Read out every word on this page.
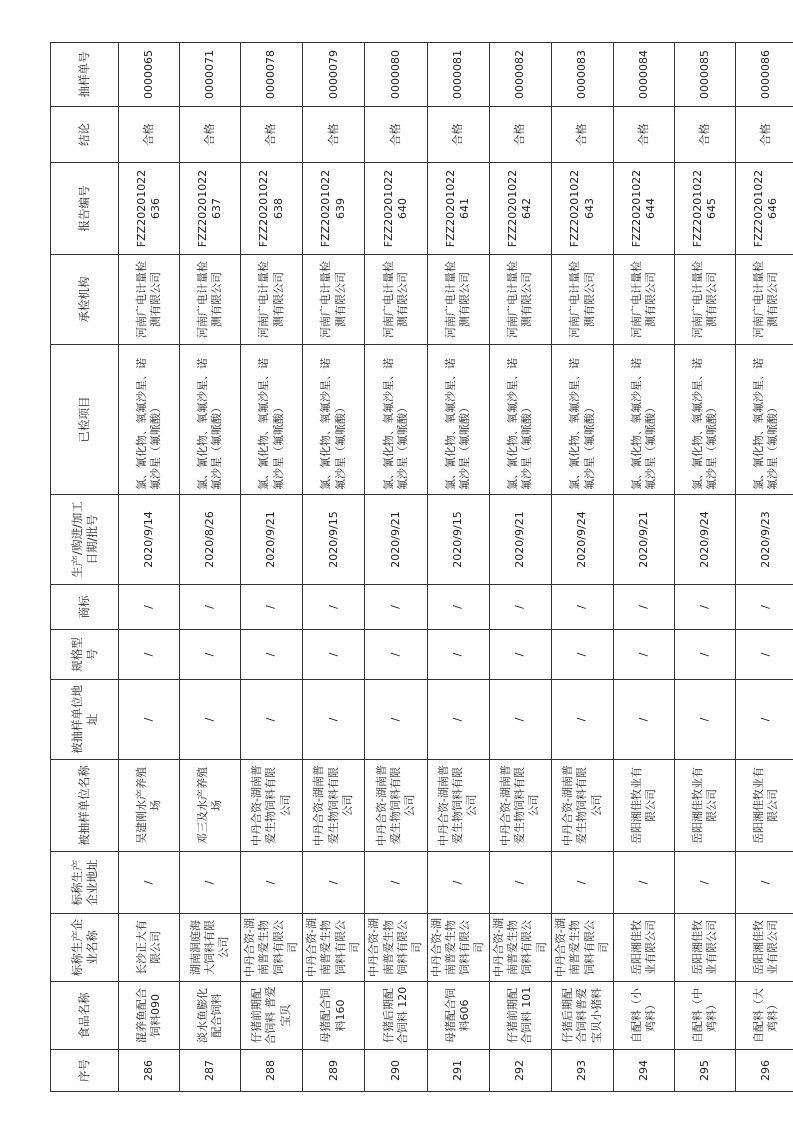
序号	食品名称	标称生产企业名称	标称生产企业地址	被抽样单位名称	被抽样单位地址	规格型号	商标	生产/购进/加工日期/批号	已检项目	承检机构	报告编号	结论	抽样单号
286	混养鱼配合饲料090	长沙正大有限公司	/	吴建刚水产养殖场	/	/	/	2020/9/14	氯、氰化物、氧氟沙星、诺氟沙星（氟哌酸）	河南广电计量检测有限公司	FZZ20201022636	合格	0000065
287	淡水鱼膨化配合饲料	湖南洞庭海大饲料有限公司	/	邓三及水产养殖场	/	/	/	2020/8/26	氯、氰化物、氧氟沙星、诺氟沙星（氟哌酸）	河南广电计量检测有限公司	FZZ20201022637	合格	0000071
288	仔猪前期配合饲料 普爱宝贝	中丹合资-湖南普爱生物饲料有限公司	/	中丹合资-湖南普爱生物饲料有限公司	/	/	/	2020/9/21	氯、氰化物、氧氟沙星、诺氟沙星（氟哌酸）	河南广电计量检测有限公司	FZZ20201022638	合格	0000078
289	母猪配合饲料160	中丹合资-湖南普爱生物饲料有限公司	/	中丹合资-湖南普爱生物饲料有限公司	/	/	/	2020/9/15	氯、氰化物、氧氟沙星、诺氟沙星（氟哌酸）	河南广电计量检测有限公司	FZZ20201022639	合格	0000079
290	仔猪后期配合饲料 120	中丹合资-湖南普爱生物饲料有限公司	/	中丹合资-湖南普爱生物饲料有限公司	/	/	/	2020/9/21	氯、氰化物、氧氟沙星、诺氟沙星（氟哌酸）	河南广电计量检测有限公司	FZZ20201022640	合格	0000080
291	母猪配合饲料606	中丹合资-湖南普爱生物饲料有限公司	/	中丹合资-湖南普爱生物饲料有限公司	/	/	/	2020/9/15	氯、氰化物、氧氟沙星、诺氟沙星（氟哌酸）	河南广电计量检测有限公司	FZZ20201022641	合格	0000081
292	仔猪前期配合饲料 101	中丹合资-湖南普爱生物饲料有限公司	/	中丹合资-湖南普爱生物饲料有限公司	/	/	/	2020/9/21	氯、氰化物、氧氟沙星、诺氟沙星（氟哌酸）	河南广电计量检测有限公司	FZZ20201022642	合格	0000082
293	仔猪后期配合饲料普爱宝贝小猪料	中丹合资-湖南普爱生物饲料有限公司	/	中丹合资-湖南普爱生物饲料有限公司	/	/	/	2020/9/24	氯、氰化物、氧氟沙星、诺氟沙星（氟哌酸）	河南广电计量检测有限公司	FZZ20201022643	合格	0000083
294	自配料（小鸡料）	岳阳湘佳牧业有限公司	/	岳阳湘佳牧业有限公司	/	/	/	2020/9/21	氯、氰化物、氧氟沙星、诺氟沙星（氟哌酸）	河南广电计量检测有限公司	FZZ20201022644	合格	0000084
295	自配料（中鸡料）	岳阳湘佳牧业有限公司	/	岳阳湘佳牧业有限公司	/	/	/	2020/9/24	氯、氰化物、氧氟沙星、诺氟沙星（氟哌酸）	河南广电计量检测有限公司	FZZ20201022645	合格	0000085
296	自配料（大鸡料）	岳阳湘佳牧业有限公司	/	岳阳湘佳牧业有限公司	/	/	/	2020/9/23	氯、氰化物、氧氟沙星、诺氟沙星（氟哌酸）	河南广电计量检测有限公司	FZZ20201022646	合格	0000086
